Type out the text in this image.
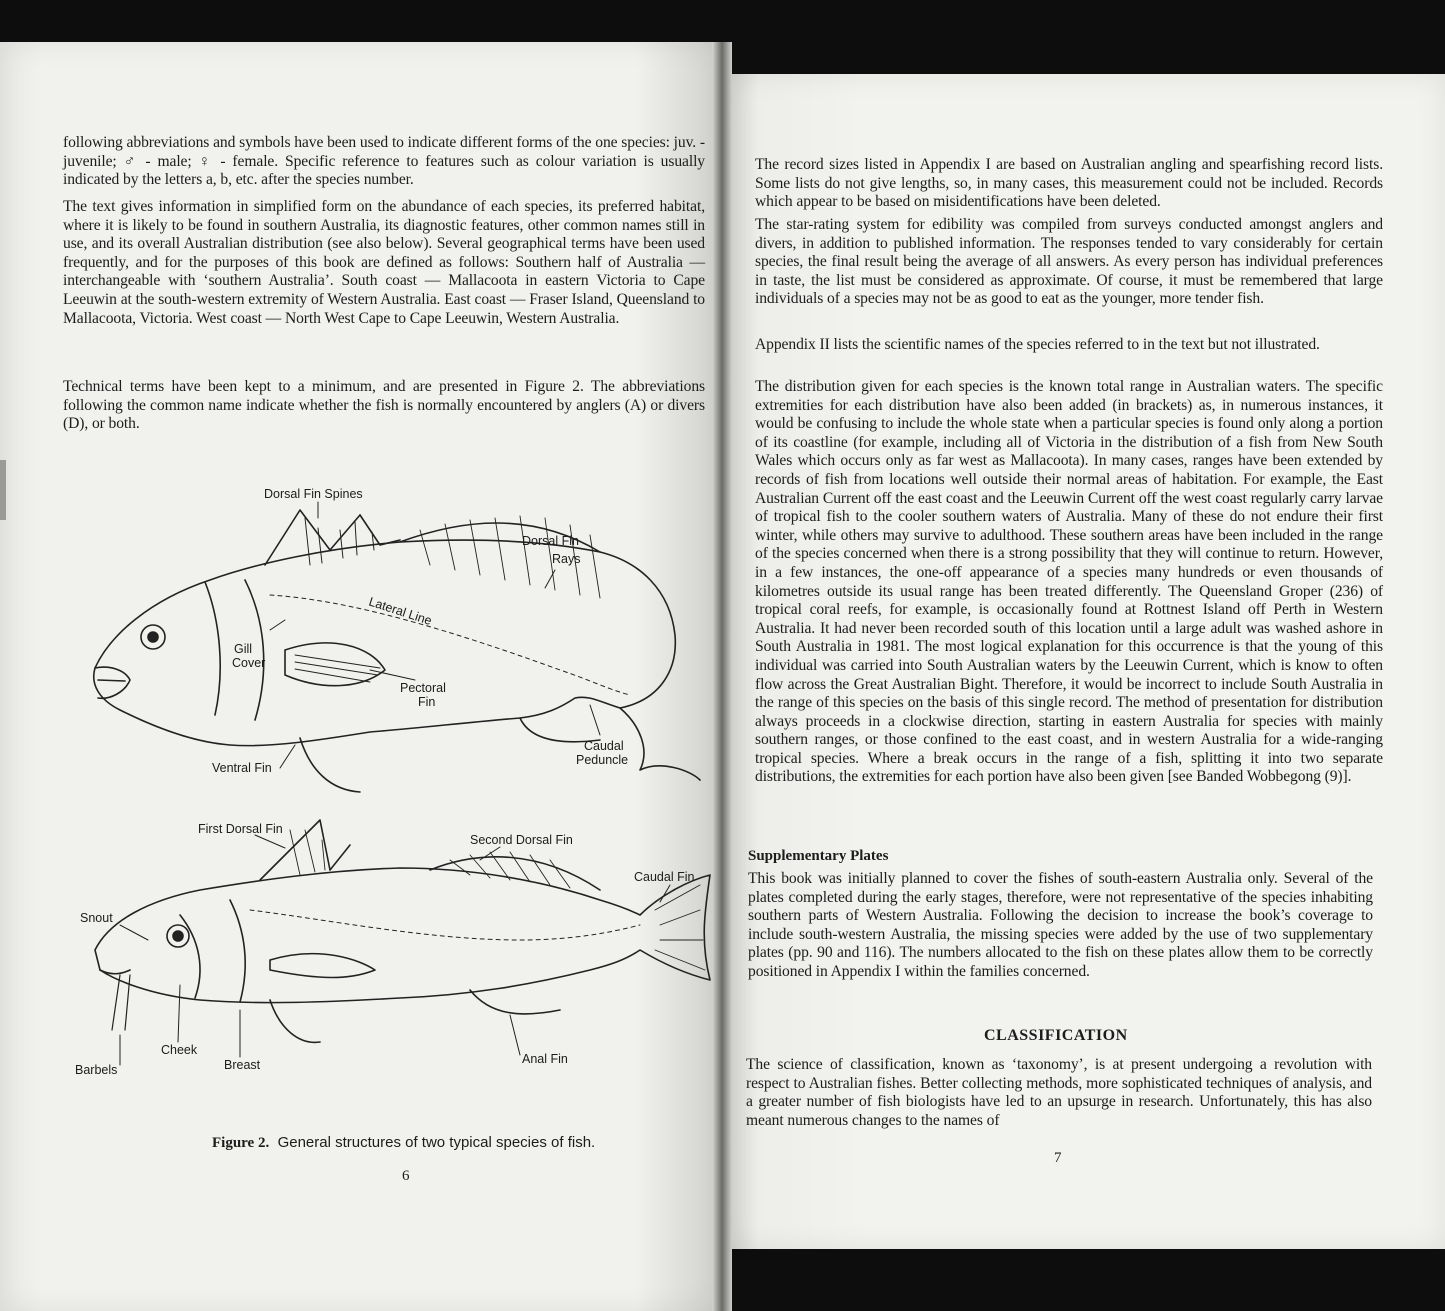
following abbreviations and symbols have been used to indicate different forms of the one species: juv. - juvenile; ♂ - male; ♀ - female. Specific reference to features such as colour variation is usually indicated by the letters a, b, etc. after the species number.

The text gives information in simplified form on the abundance of each species, its preferred habitat, where it is likely to be found in southern Australia, its diagnostic features, other common names still in use, and its overall Australian distribution (see also below). Several geographical terms have been used frequently, and for the purposes of this book are defined as follows: Southern half of Australia — interchangeable with ‘southern Australia’. South coast — Mallacoota in eastern Victoria to Cape Leeuwin at the south-western extremity of Western Australia. East coast — Fraser Island, Queensland to Mallacoota, Victoria. West coast — North West Cape to Cape Leeuwin, Western Australia.

Technical terms have been kept to a minimum, and are presented in Figure 2. The abbreviations following the common name indicate whether the fish is normally encountered by anglers (A) or divers (D), or both.

Dorsal Fin Spines
Dorsal Fin
Rays
Lateral Line
Gill
Cover
Pectoral
Fin
Caudal
Peduncle
Ventral Fin
First Dorsal Fin
Second Dorsal Fin
Caudal Fin
Snout
Cheek
Breast
Barbels
Anal Fin

Figure 2. General structures of two typical species of fish.

6

The record sizes listed in Appendix I are based on Australian angling and spearfishing record lists. Some lists do not give lengths, so, in many cases, this measurement could not be included. Records which appear to be based on misidentifications have been deleted.

The star-rating system for edibility was compiled from surveys conducted amongst anglers and divers, in addition to published information. The responses tended to vary considerably for certain species, the final result being the average of all answers. As every person has individual preferences in taste, the list must be considered as approximate. Of course, it must be remembered that large individuals of a species may not be as good to eat as the younger, more tender fish.

Appendix II lists the scientific names of the species referred to in the text but not illustrated.

The distribution given for each species is the known total range in Australian waters. The specific extremities for each distribution have also been added (in brackets) as, in numerous instances, it would be confusing to include the whole state when a particular species is found only along a portion of its coastline (for example, including all of Victoria in the distribution of a fish from New South Wales which occurs only as far west as Mallacoota). In many cases, ranges have been extended by records of fish from locations well outside their normal areas of habitation. For example, the East Australian Current off the east coast and the Leeuwin Current off the west coast regularly carry larvae of tropical fish to the cooler southern waters of Australia. Many of these do not endure their first winter, while others may survive to adulthood. These southern areas have been included in the range of the species concerned when there is a strong possibility that they will continue to return. However, in a few instances, the one-off appearance of a species many hundreds or even thousands of kilometres outside its usual range has been treated differently. The Queensland Groper (236) of tropical coral reefs, for example, is occasionally found at Rottnest Island off Perth in Western Australia. It had never been recorded south of this location until a large adult was washed ashore in South Australia in 1981. The most logical explanation for this occurrence is that the young of this individual was carried into South Australian waters by the Leeuwin Current, which is know to often flow across the Great Australian Bight. Therefore, it would be incorrect to include South Australia in the range of this species on the basis of this single record. The method of presentation for distribution always proceeds in a clockwise direction, starting in eastern Australia for species with mainly southern ranges, or those confined to the east coast, and in western Australia for a wide-ranging tropical species. Where a break occurs in the range of a fish, splitting it into two separate distributions, the extremities for each portion have also been given [see Banded Wobbegong (9)].

Supplementary Plates

This book was initially planned to cover the fishes of south-eastern Australia only. Several of the plates completed during the early stages, therefore, were not representative of the species inhabiting southern parts of Western Australia. Following the decision to increase the book’s coverage to include south-western Australia, the missing species were added by the use of two supplementary plates (pp. 90 and 116). The numbers allocated to the fish on these plates allow them to be correctly positioned in Appendix I within the families concerned.

CLASSIFICATION

The science of classification, known as ‘taxonomy’, is at present undergoing a revolution with respect to Australian fishes. Better collecting methods, more sophisticated techniques of analysis, and a greater number of fish biologists have led to an upsurge in research. Unfortunately, this has also meant numerous changes to the names of

7
